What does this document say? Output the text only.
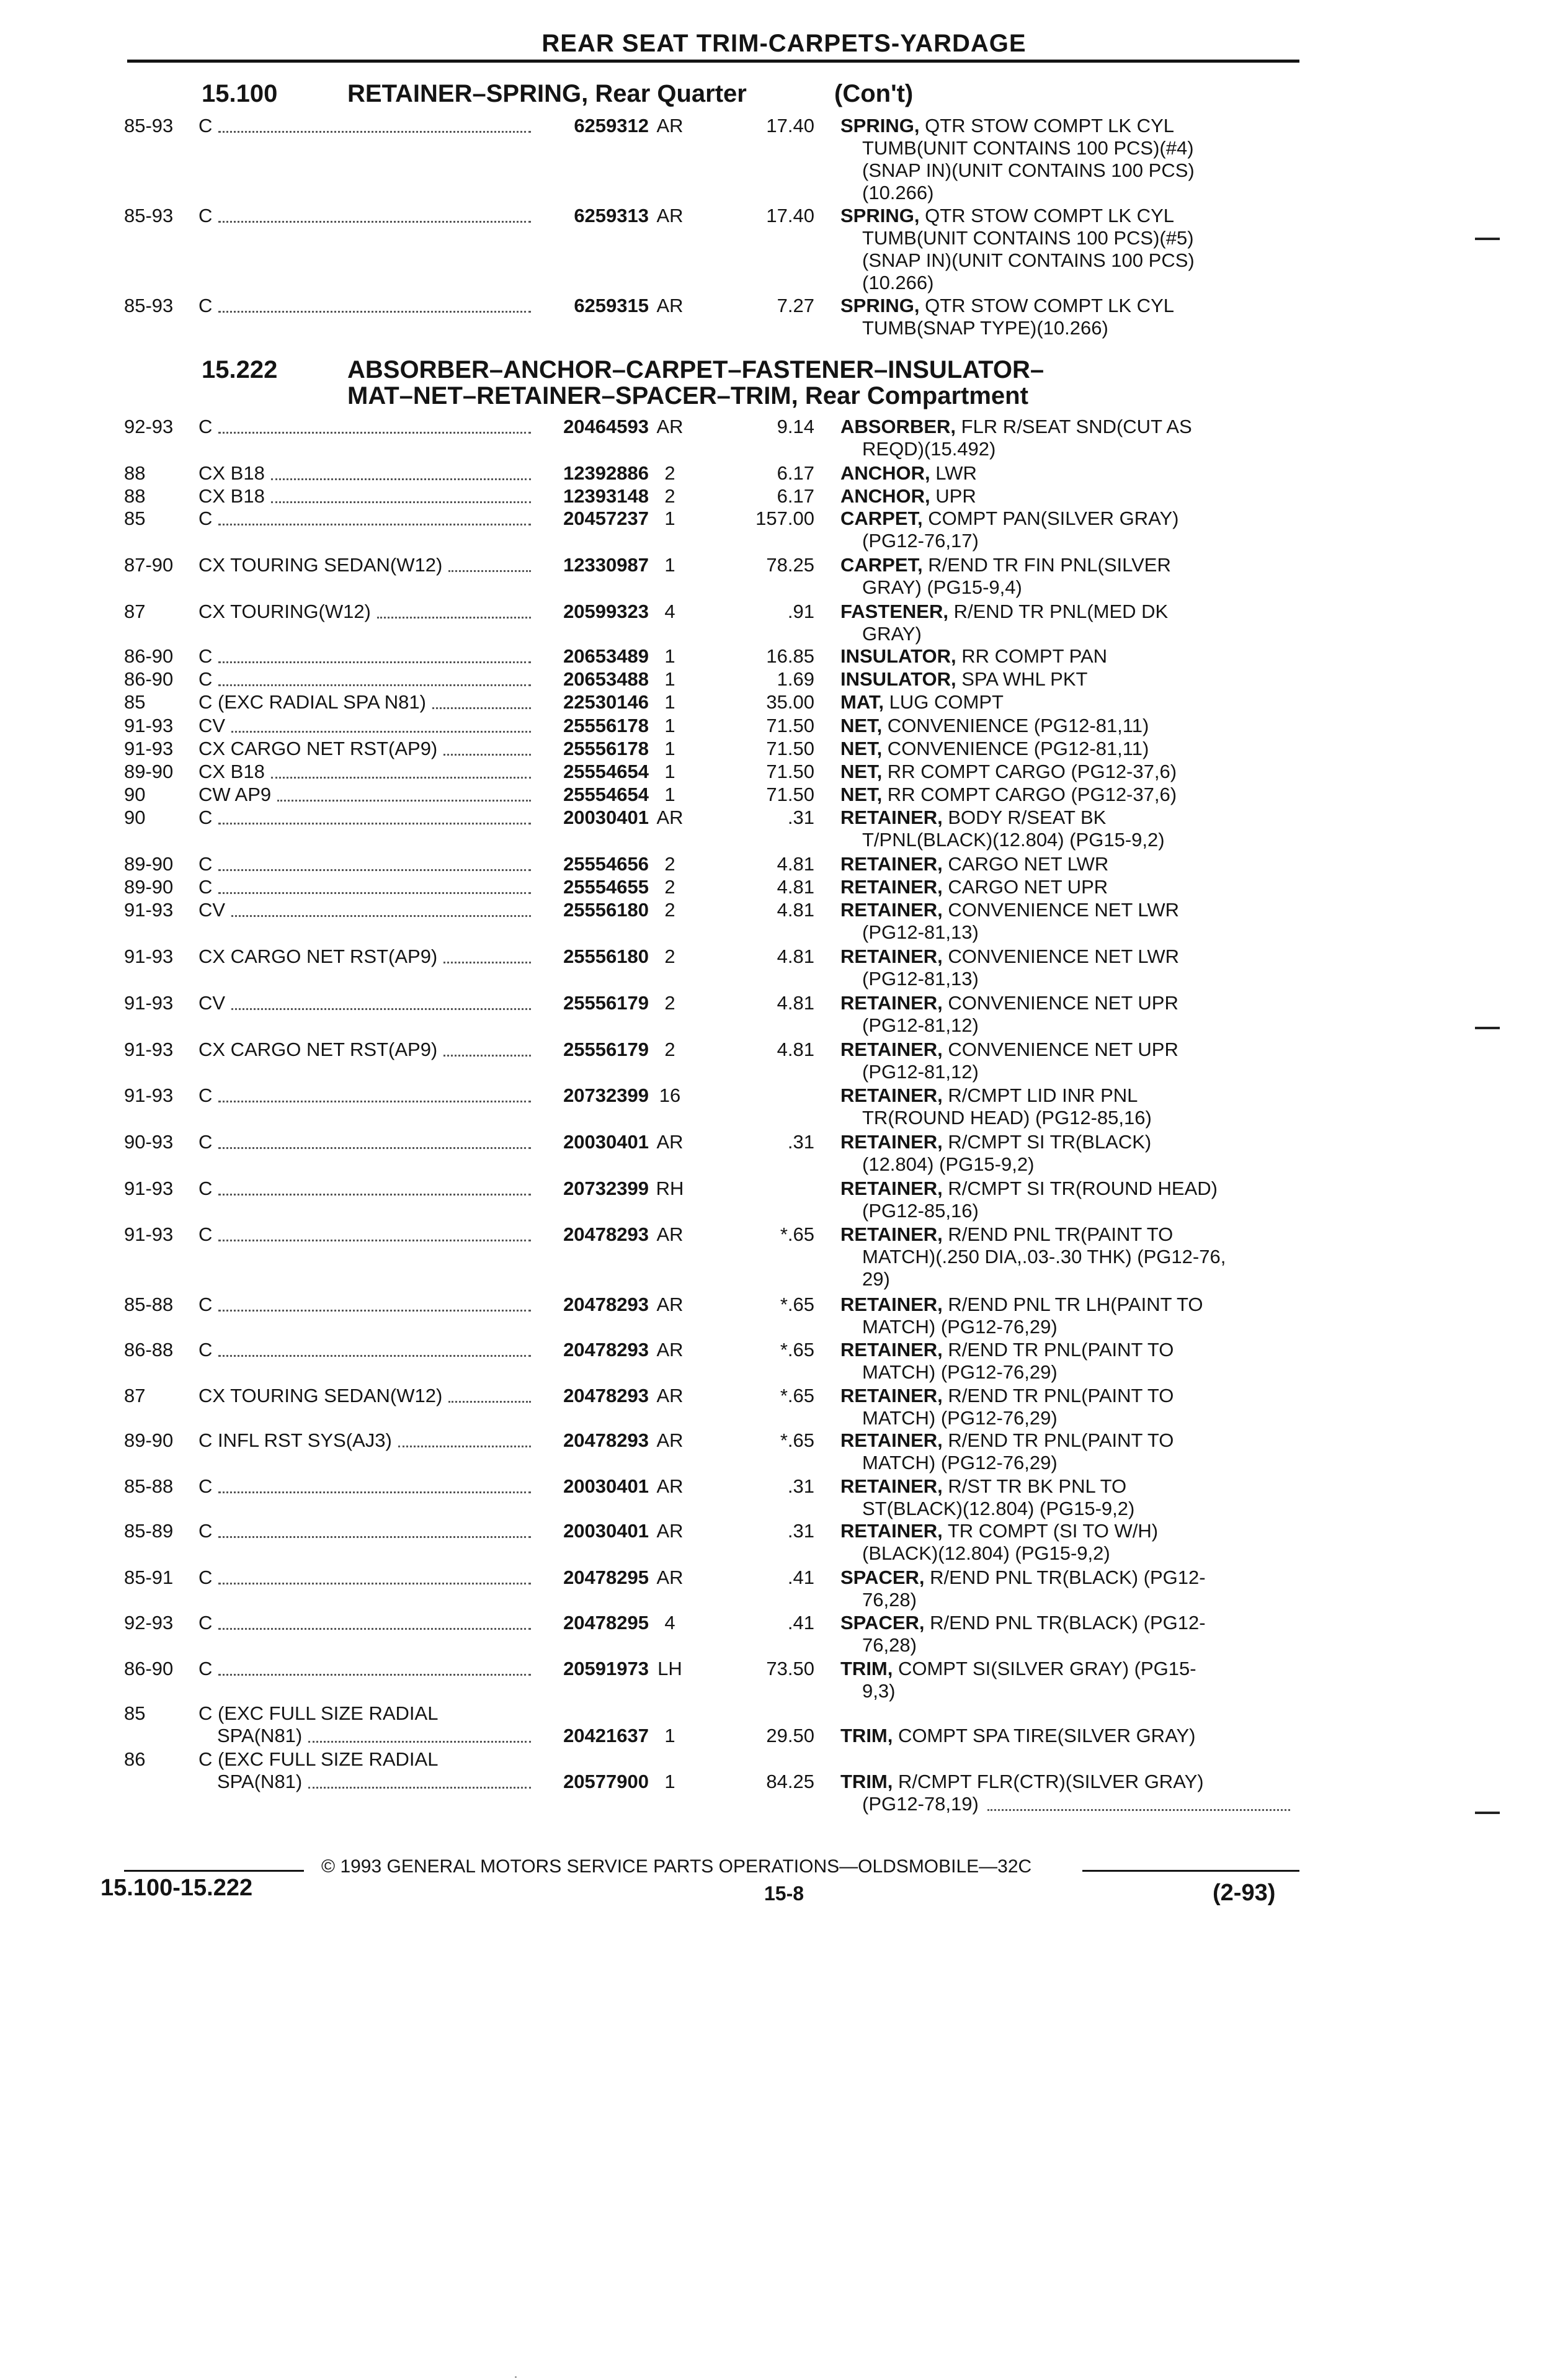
REAR SEAT TRIM-CARPETS-YARDAGE
15.100	RETAINER–SPRING, Rear Quarter	(Con't)
85-93 C	6259312 AR	17.40 SPRING, QTR STOW COMPT LK CYL
TUMB(UNIT CONTAINS 100 PCS)(#4)
(SNAP IN)(UNIT CONTAINS 100 PCS)
(10.266)
85-93 C	6259313 AR	17.40 SPRING, QTR STOW COMPT LK CYL
TUMB(UNIT CONTAINS 100 PCS)(#5)
(SNAP IN)(UNIT CONTAINS 100 PCS)
(10.266)
85-93 C	6259315 AR	7.27 SPRING, QTR STOW COMPT LK CYL
TUMB(SNAP TYPE)(10.266)
15.222	ABSORBER–ANCHOR–CARPET–FASTENER–INSULATOR–
MAT–NET–RETAINER–SPACER–TRIM, Rear Compartment
92-93 C	20464593 AR	9.14 ABSORBER, FLR R/SEAT SND(CUT AS
REQD)(15.492)
88	CX B18	12392886 2	6.17 ANCHOR, LWR
88	CX B18	12393148 2	6.17 ANCHOR, UPR
85	C	20457237 1	157.00 CARPET, COMPT PAN(SILVER GRAY)
(PG12-76,17)
87-90 CX TOURING SEDAN(W12)	12330987 1	78.25 CARPET, R/END TR FIN PNL(SILVER
GRAY) (PG15-9,4)
87	CX TOURING(W12)	20599323 4	.91 FASTENER, R/END TR PNL(MED DK
GRAY)
86-90 C	20653489 1	16.85 INSULATOR, RR COMPT PAN
86-90 C	20653488 1	1.69 INSULATOR, SPA WHL PKT
85	C (EXC RADIAL SPA N81)	22530146 1	35.00 MAT, LUG COMPT
91-93 CV	25556178 1	71.50 NET, CONVENIENCE (PG12-81,11)
91-93 CX CARGO NET RST(AP9)	25556178 1	71.50 NET, CONVENIENCE (PG12-81,11)
89-90 CX B18	25554654 1	71.50 NET, RR COMPT CARGO (PG12-37,6)
90	CW AP9	25554654 1	71.50 NET, RR COMPT CARGO (PG12-37,6)
90	C	20030401 AR	.31 RETAINER, BODY R/SEAT BK
T/PNL(BLACK)(12.804) (PG15-9,2)
89-90 C	25554656 2	4.81 RETAINER, CARGO NET LWR
89-90 C	25554655 2	4.81 RETAINER, CARGO NET UPR
91-93 CV	25556180 2	4.81 RETAINER, CONVENIENCE NET LWR
(PG12-81,13)
91-93 CX CARGO NET RST(AP9)	25556180 2	4.81 RETAINER, CONVENIENCE NET LWR
(PG12-81,13)
91-93 CV	25556179 2	4.81 RETAINER, CONVENIENCE NET UPR
(PG12-81,12)
91-93 CX CARGO NET RST(AP9)	25556179 2	4.81 RETAINER, CONVENIENCE NET UPR
(PG12-81,12)
91-93 C	20732399 16	RETAINER, R/CMPT LID INR PNL
TR(ROUND HEAD) (PG12-85,16)
90-93 C	20030401 AR	.31 RETAINER, R/CMPT SI TR(BLACK)
(12.804) (PG15-9,2)
91-93 C	20732399 RH	RETAINER, R/CMPT SI TR(ROUND HEAD)
(PG12-85,16)
91-93 C	20478293 AR	*.65 RETAINER, R/END PNL TR(PAINT TO
MATCH)(.250 DIA,.03-.30 THK) (PG12-76,
29)
85-88 C	20478293 AR	*.65 RETAINER, R/END PNL TR LH(PAINT TO
MATCH) (PG12-76,29)
86-88 C	20478293 AR	*.65 RETAINER, R/END TR PNL(PAINT TO
MATCH) (PG12-76,29)
87	CX TOURING SEDAN(W12)	20478293 AR	*.65 RETAINER, R/END TR PNL(PAINT TO
MATCH) (PG12-76,29)
89-90 C INFL RST SYS(AJ3)	20478293 AR	*.65 RETAINER, R/END TR PNL(PAINT TO
MATCH) (PG12-76,29)
85-88 C	20030401 AR	.31 RETAINER, R/ST TR BK PNL TO
ST(BLACK)(12.804) (PG15-9,2)
85-89 C	20030401 AR	.31 RETAINER, TR COMPT (SI TO W/H)
(BLACK)(12.804) (PG15-9,2)
85-91 C	20478295 AR	.41 SPACER, R/END PNL TR(BLACK) (PG12-
76,28)
92-93 C	20478295 4	.41 SPACER, R/END PNL TR(BLACK) (PG12-
76,28)
86-90 C	20591973 LH	73.50 TRIM, COMPT SI(SILVER GRAY) (PG15-
9,3)
85	C (EXC FULL SIZE RADIAL
SPA(N81)	20421637 1	29.50 TRIM, COMPT SPA TIRE(SILVER GRAY)
86	C (EXC FULL SIZE RADIAL
SPA(N81)	20577900 1	84.25 TRIM, R/CMPT FLR(CTR)(SILVER GRAY)
(PG12-78,19)
© 1993 GENERAL MOTORS SERVICE PARTS OPERATIONS—OLDSMOBILE—32C
15.100-15.222	15-8	(2-93)
